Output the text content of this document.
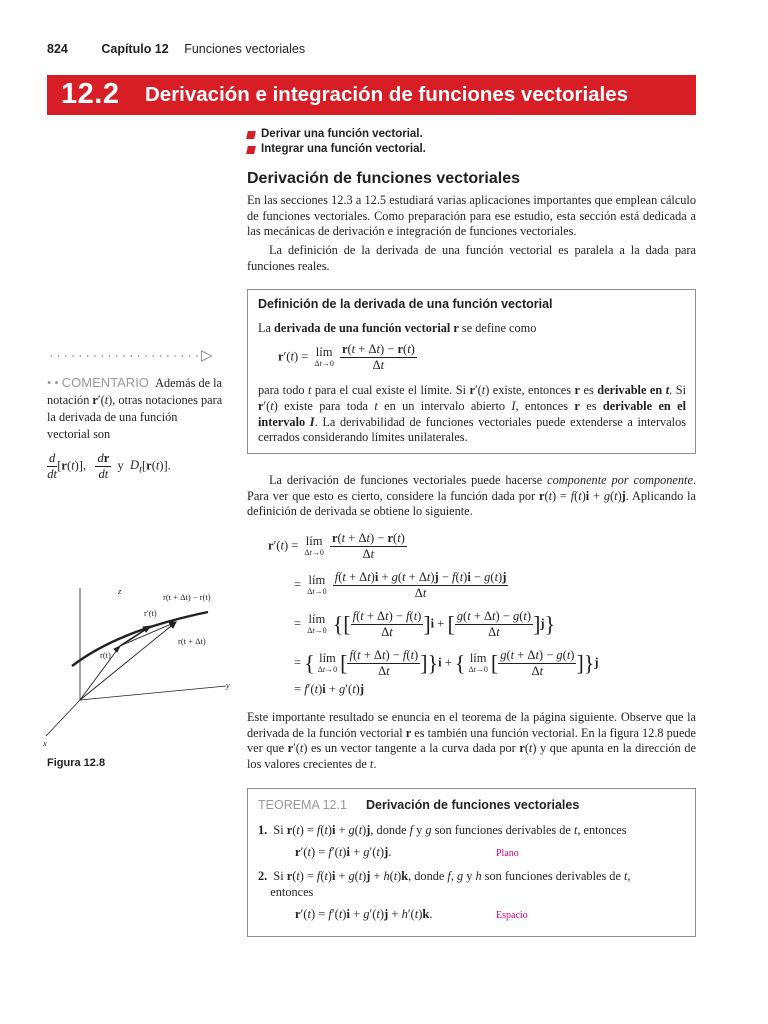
824	Capítulo 12 Funciones vectoriales
12.2 Derivación e integración de funciones vectoriales
Derivar una función vectorial.
Integrar una función vectorial.
Derivación de funciones vectoriales

En las secciones 12.3 a 12.5 estudiará varias aplicaciones importantes que emplean cálculo de funciones vectoriales. Como preparación para ese estudio, esta sección está dedicada a las mecánicas de derivación e integración de funciones vectoriales.

La definición de la derivada de una función vectorial es paralela a la dada para funciones reales.

Definición de la derivada de una función vectorial
La derivada de una función vectorial r se define como
r′(t) = lím
Δt→0
$\frac{r(t + \Delta t) - r(t)}{\Delta t}$
para todo t para el cual existe el límite. Si r′(t) existe, entonces r es derivable en t. Si r′(t) existe para toda t en un intervalo abierto I, entonces r es derivable en el intervalo I. La derivabilidad de funciones vectoriales puede extenderse a intervalos cerrados considerando límites unilaterales.
• • COMENTARIO  Además de la notación r′(t), otras notaciones para la derivada de una función vectorial son
$\frac{d}{dt} [r(t)]$, $\frac{dr}{dt}$ y  $D_t[r(t)]$.

La derivación de funciones vectoriales puede hacerse componente por componente. Para ver que esto es cierto, considere la función dada por r(t) = f(t)i + g(t)j. Aplicando la definición de derivada se obtiene lo siguiente.

r′(t) = lím
Δt→0
$\frac{r(t + \Delta t) - r(t)}{\Delta t}$
= lím
Δt→0
$\frac{f(t + \Delta t)i + g(t + \Delta t)j - f(t)i - g(t)j}{\Delta t}$
= lím
Δt→0 {[ $\frac{f(t + \Delta t) - f(t)}{\Delta t} ]i$ + [ $\frac{g(t + \Delta t) - g(t)}{\Delta t} ]j$}
= { lím
Δt→0 [ $\frac{f(t + \Delta t) - f(t)}{\Delta t} ]\}i$ + { lím
Δt→0 [ $\frac{g(t + \Delta t) - g(t)}{\Delta t} ]\}j$
= f′(t)i + g′(t)j
z
y
x
r(t + Δt) − r(t)
r′(t)
r(t + Δt)
r(t)
Figura 12.8

Este importante resultado se enuncia en el teorema de la página siguiente. Observe que la derivada de la función vectorial r es también una función vectorial. En la figura 12.8 puede ver que r′(t) es un vector tangente a la curva dada por r(t) y que apunta en la dirección de los valores crecientes de t.

TEOREMA 12.1 Derivación de funciones vectoriales
1.  Si r(t) = f(t)i + g(t)j, donde f y g son funciones derivables de t, entonces
r′(t) = f′(t)i + g′(t)j.	Plano
2.  Si r(t) = f(t)i + g(t)j + h(t)k, donde f, g y h son funciones derivables de t,
entonces
r′(t) = f′(t)i + g′(t)j + h′(t)k.	Espacio
